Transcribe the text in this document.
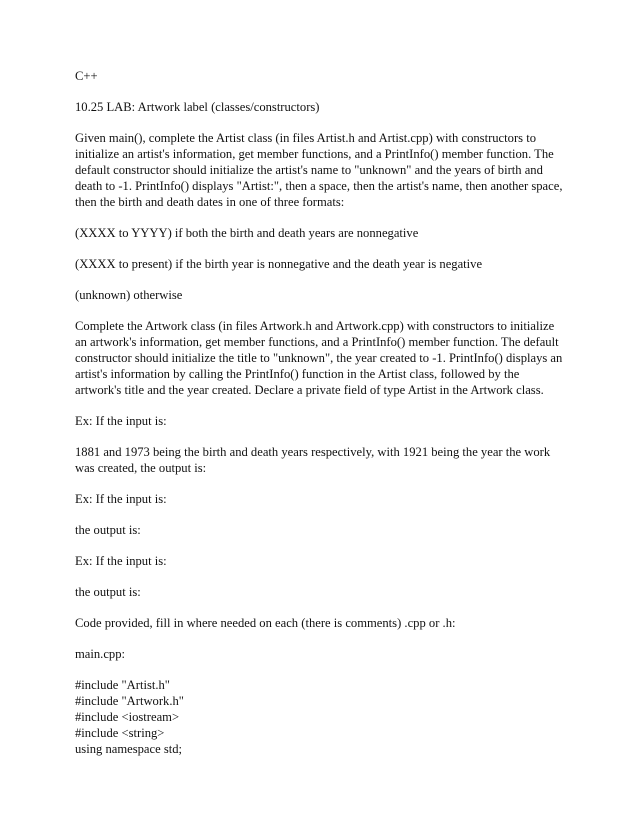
C++

10.25 LAB: Artwork label (classes/constructors)

Given main(), complete the Artist class (in files Artist.h and Artist.cpp) with constructors to initialize an artist's information, get member functions, and a PrintInfo() member function. The default constructor should initialize the artist's name to "unknown" and the years of birth and death to -1. PrintInfo() displays "Artist:", then a space, then the artist's name, then another space, then the birth and death dates in one of three formats:

(XXXX to YYYY) if both the birth and death years are nonnegative

(XXXX to present) if the birth year is nonnegative and the death year is negative

(unknown) otherwise

Complete the Artwork class (in files Artwork.h and Artwork.cpp) with constructors to initialize an artwork's information, get member functions, and a PrintInfo() member function. The default constructor should initialize the title to "unknown", the year created to -1. PrintInfo() displays an artist's information by calling the PrintInfo() function in the Artist class, followed by the artwork's title and the year created. Declare a private field of type Artist in the Artwork class.

Ex: If the input is:

1881 and 1973 being the birth and death years respectively, with 1921 being the year the work was created, the output is:

Ex: If the input is:

the output is:

Ex: If the input is:

the output is:

Code provided, fill in where needed on each (there is comments) .cpp or .h:

main.cpp:

#include "Artist.h"
#include "Artwork.h"
#include <iostream>
#include <string>
using namespace std;
